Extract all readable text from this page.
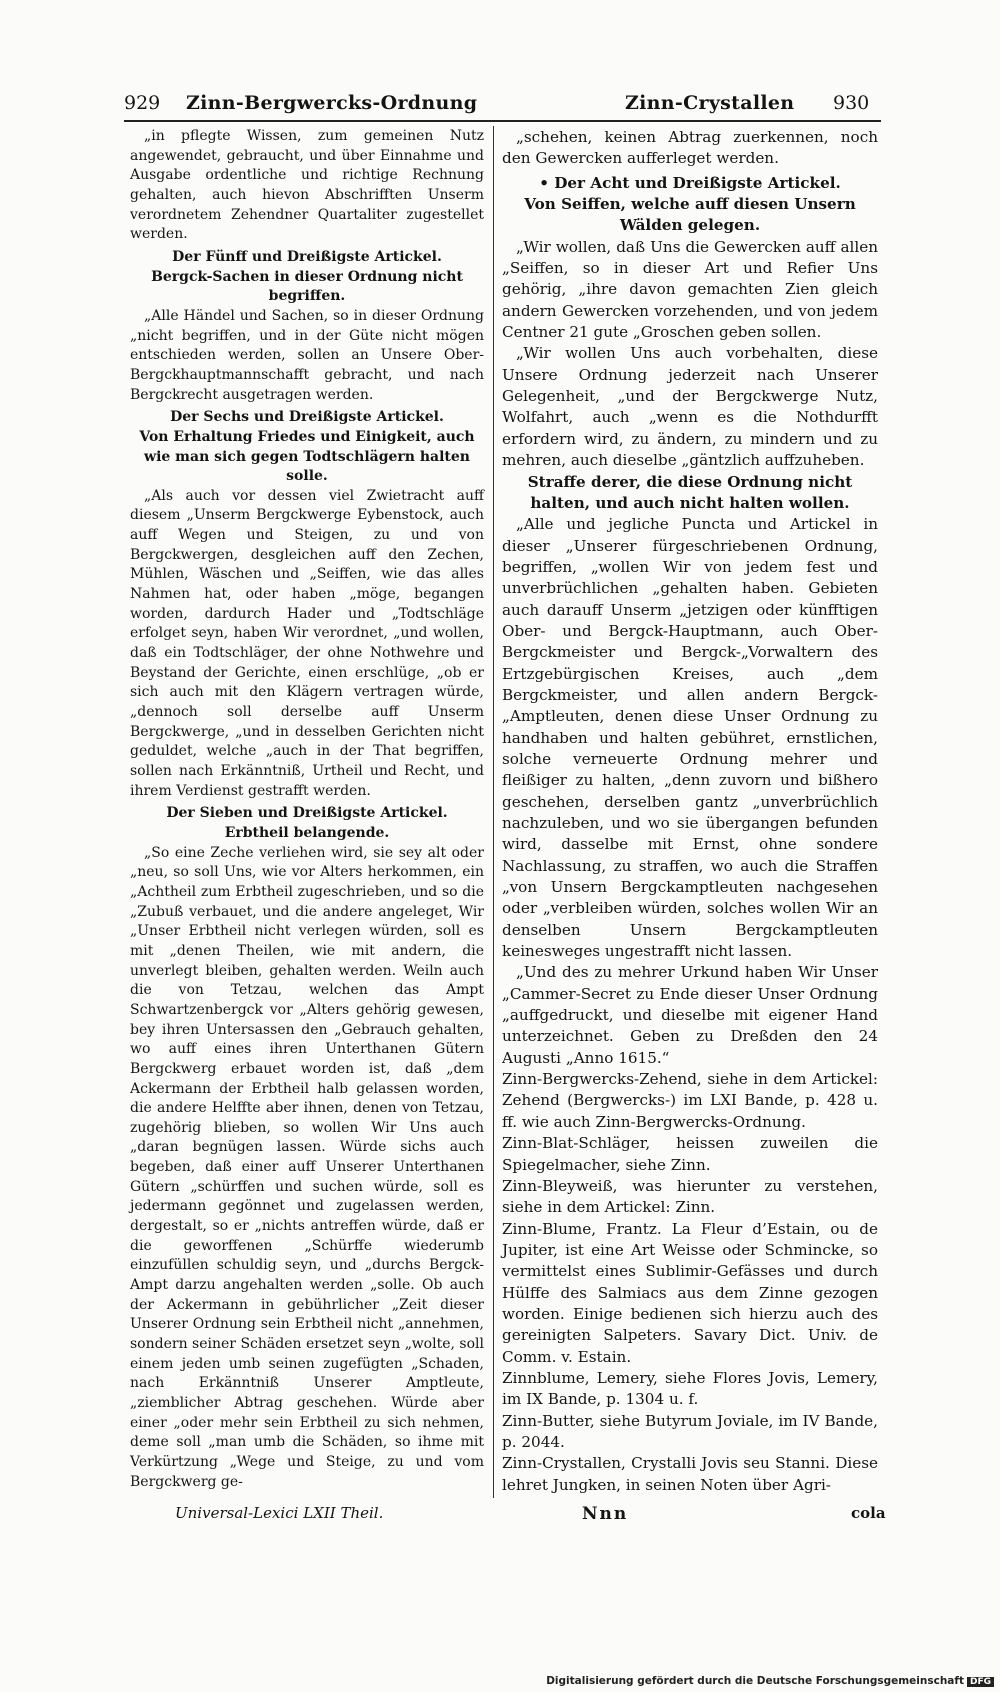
929 Zinn-Bergwercks-Ordnung	Zinn-Crystallen 930

„in pflegte Wissen, zum gemeinen Nutz angewendet, gebraucht, und über Einnahme und Ausgabe ordentliche und richtige Rechnung gehalten, auch hievon Abschrifften Unserm verordnetem Zehendner Quartaliter zugestellet werden.

Der Fünff und Dreißigste Artickel.

Bergck-Sachen in dieser Ordnung nicht begriffen.

„Alle Händel und Sachen, so in dieser Ordnung „nicht begriffen, und in der Güte nicht mögen entschieden werden, sollen an Unsere Ober-Bergckhauptmannschafft gebracht, und nach Bergckrecht ausgetragen werden.

Der Sechs und Dreißigste Artickel.

Von Erhaltung Friedes und Einigkeit, auch wie man sich gegen Todtschlägern halten solle.

„Als auch vor dessen viel Zwietracht auff diesem „Unserm Bergckwerge Eybenstock, auch auff Wegen und Steigen, zu und von Bergckwergen, desgleichen auff den Zechen, Mühlen, Wäschen und „Seiffen, wie das alles Nahmen hat, oder haben „möge, begangen worden, dardurch Hader und „Todtschläge erfolget seyn, haben Wir verordnet, „und wollen, daß ein Todtschläger, der ohne Nothwehre und Beystand der Gerichte, einen erschlüge, „ob er sich auch mit den Klägern vertragen würde, „dennoch soll derselbe auff Unserm Bergckwerge, „und in desselben Gerichten nicht geduldet, welche „auch in der That begriffen, sollen nach Erkänntniß, Urtheil und Recht, und ihrem Verdienst gestrafft werden.

Der Sieben und Dreißigste Artickel.

Erbtheil belangende.

„So eine Zeche verliehen wird, sie sey alt oder „neu, so soll Uns, wie vor Alters herkommen, ein „Achtheil zum Erbtheil zugeschrieben, und so die „Zubuß verbauet, und die andere angeleget, Wir „Unser Erbtheil nicht verlegen würden, soll es mit „denen Theilen, wie mit andern, die unverlegt bleiben, gehalten werden. Weiln auch die von Tetzau, welchen das Ampt Schwartzenbergck vor „Alters gehörig gewesen, bey ihren Untersassen den „Gebrauch gehalten, wo auff eines ihren Unterthanen Gütern Bergckwerg erbauet worden ist, daß „dem Ackermann der Erbtheil halb gelassen worden, die andere Helffte aber ihnen, denen von Tetzau, zugehörig blieben, so wollen Wir Uns auch „daran begnügen lassen. Würde sichs auch begeben, daß einer auff Unserer Unterthanen Gütern „schürffen und suchen würde, soll es jedermann gegönnet und zugelassen werden, dergestalt, so er „nichts antreffen würde, daß er die geworffenen „Schürffe wiederumb einzufüllen schuldig seyn, und „durchs Bergck-Ampt darzu angehalten werden „solle. Ob auch der Ackermann in gebührlicher „Zeit dieser Unserer Ordnung sein Erbtheil nicht „annehmen, sondern seiner Schäden ersetzet seyn „wolte, soll einem jeden umb seinen zugefügten „Schaden, nach Erkänntniß Unserer Amptleute, „ziemblicher Abtrag geschehen. Würde aber einer „oder mehr sein Erbtheil zu sich nehmen, deme soll „man umb die Schäden, so ihme mit Verkürtzung „Wege und Steige, zu und vom Bergckwerg ge-

„schehen, keinen Abtrag zuerkennen, noch den Gewercken aufferleget werden.

• Der Acht und Dreißigste Artickel.

Von Seiffen, welche auff diesen Unsern Wälden gelegen.

„Wir wollen, daß Uns die Gewercken auff allen „Seiffen, so in dieser Art und Refier Uns gehörig, „ihre davon gemachten Zien gleich andern Gewercken vorzehenden, und von jedem Centner 21 gute „Groschen geben sollen.

„Wir wollen Uns auch vorbehalten, diese Unsere Ordnung jederzeit nach Unserer Gelegenheit, „und der Bergckwerge Nutz, Wolfahrt, auch „wenn es die Nothdurfft erfordern wird, zu ändern, zu mindern und zu mehren, auch dieselbe „gäntzlich auffzuheben.

Straffe derer, die diese Ordnung nicht halten, und auch nicht halten wollen.

„Alle und jegliche Puncta und Artickel in dieser „Unserer fürgeschriebenen Ordnung, begriffen, „wollen Wir von jedem fest und unverbrüchlichen „gehalten haben. Gebieten auch darauff Unserm „jetzigen oder künfftigen Ober- und Bergck-Hauptmann, auch Ober-Bergckmeister und Bergck-„Vorwaltern des Ertzgebürgischen Kreises, auch „dem Bergckmeister, und allen andern Bergck-„Amptleuten, denen diese Unser Ordnung zu handhaben und halten gebühret, ernstlichen, solche verneuerte Ordnung mehrer und fleißiger zu halten, „denn zuvorn und bißhero geschehen, derselben gantz „unverbrüchlich nachzuleben, und wo sie übergangen befunden wird, dasselbe mit Ernst, ohne sondere Nachlassung, zu straffen, wo auch die Straffen „von Unsern Bergckamptleuten nachgesehen oder „verbleiben würden, solches wollen Wir an denselben Unsern Bergckamptleuten keinesweges ungestrafft nicht lassen.

„Und des zu mehrer Urkund haben Wir Unser „Cammer-Secret zu Ende dieser Unser Ordnung „auffgedruckt, und dieselbe mit eigener Hand unterzeichnet. Geben zu Dreßden den 24 Augusti „Anno 1615.“

Zinn-Bergwercks-Zehend, siehe in dem Artickel: Zehend (Bergwercks-) im LXI Bande, p. 428 u. ff. wie auch Zinn-Bergwercks-Ordnung.

Zinn-Blat-Schläger, heissen zuweilen die Spiegelmacher, siehe Zinn.

Zinn-Bleyweiß, was hierunter zu verstehen, siehe in dem Artickel: Zinn.

Zinn-Blume, Frantz. La Fleur d’Estain, ou de Jupiter, ist eine Art Weisse oder Schmincke, so vermittelst eines Sublimir-Gefässes und durch Hülffe des Salmiacs aus dem Zinne gezogen worden. Einige bedienen sich hierzu auch des gereinigten Salpeters. Savary Dict. Univ. de Comm. v. Estain.

Zinnblume, Lemery, siehe Flores Jovis, Lemery, im IX Bande, p. 1304 u. f.

Zinn-Butter, siehe Butyrum Joviale, im IV Bande, p. 2044.

Zinn-Crystallen, Crystalli Jovis seu Stanni. Diese lehret Jungken, in seinen Noten über Agri-

Universal-Lexici LXII Theil.	Nnn	cola
Digitalisierung gefördert durch die Deutsche Forschungsgemeinschaft DFG
